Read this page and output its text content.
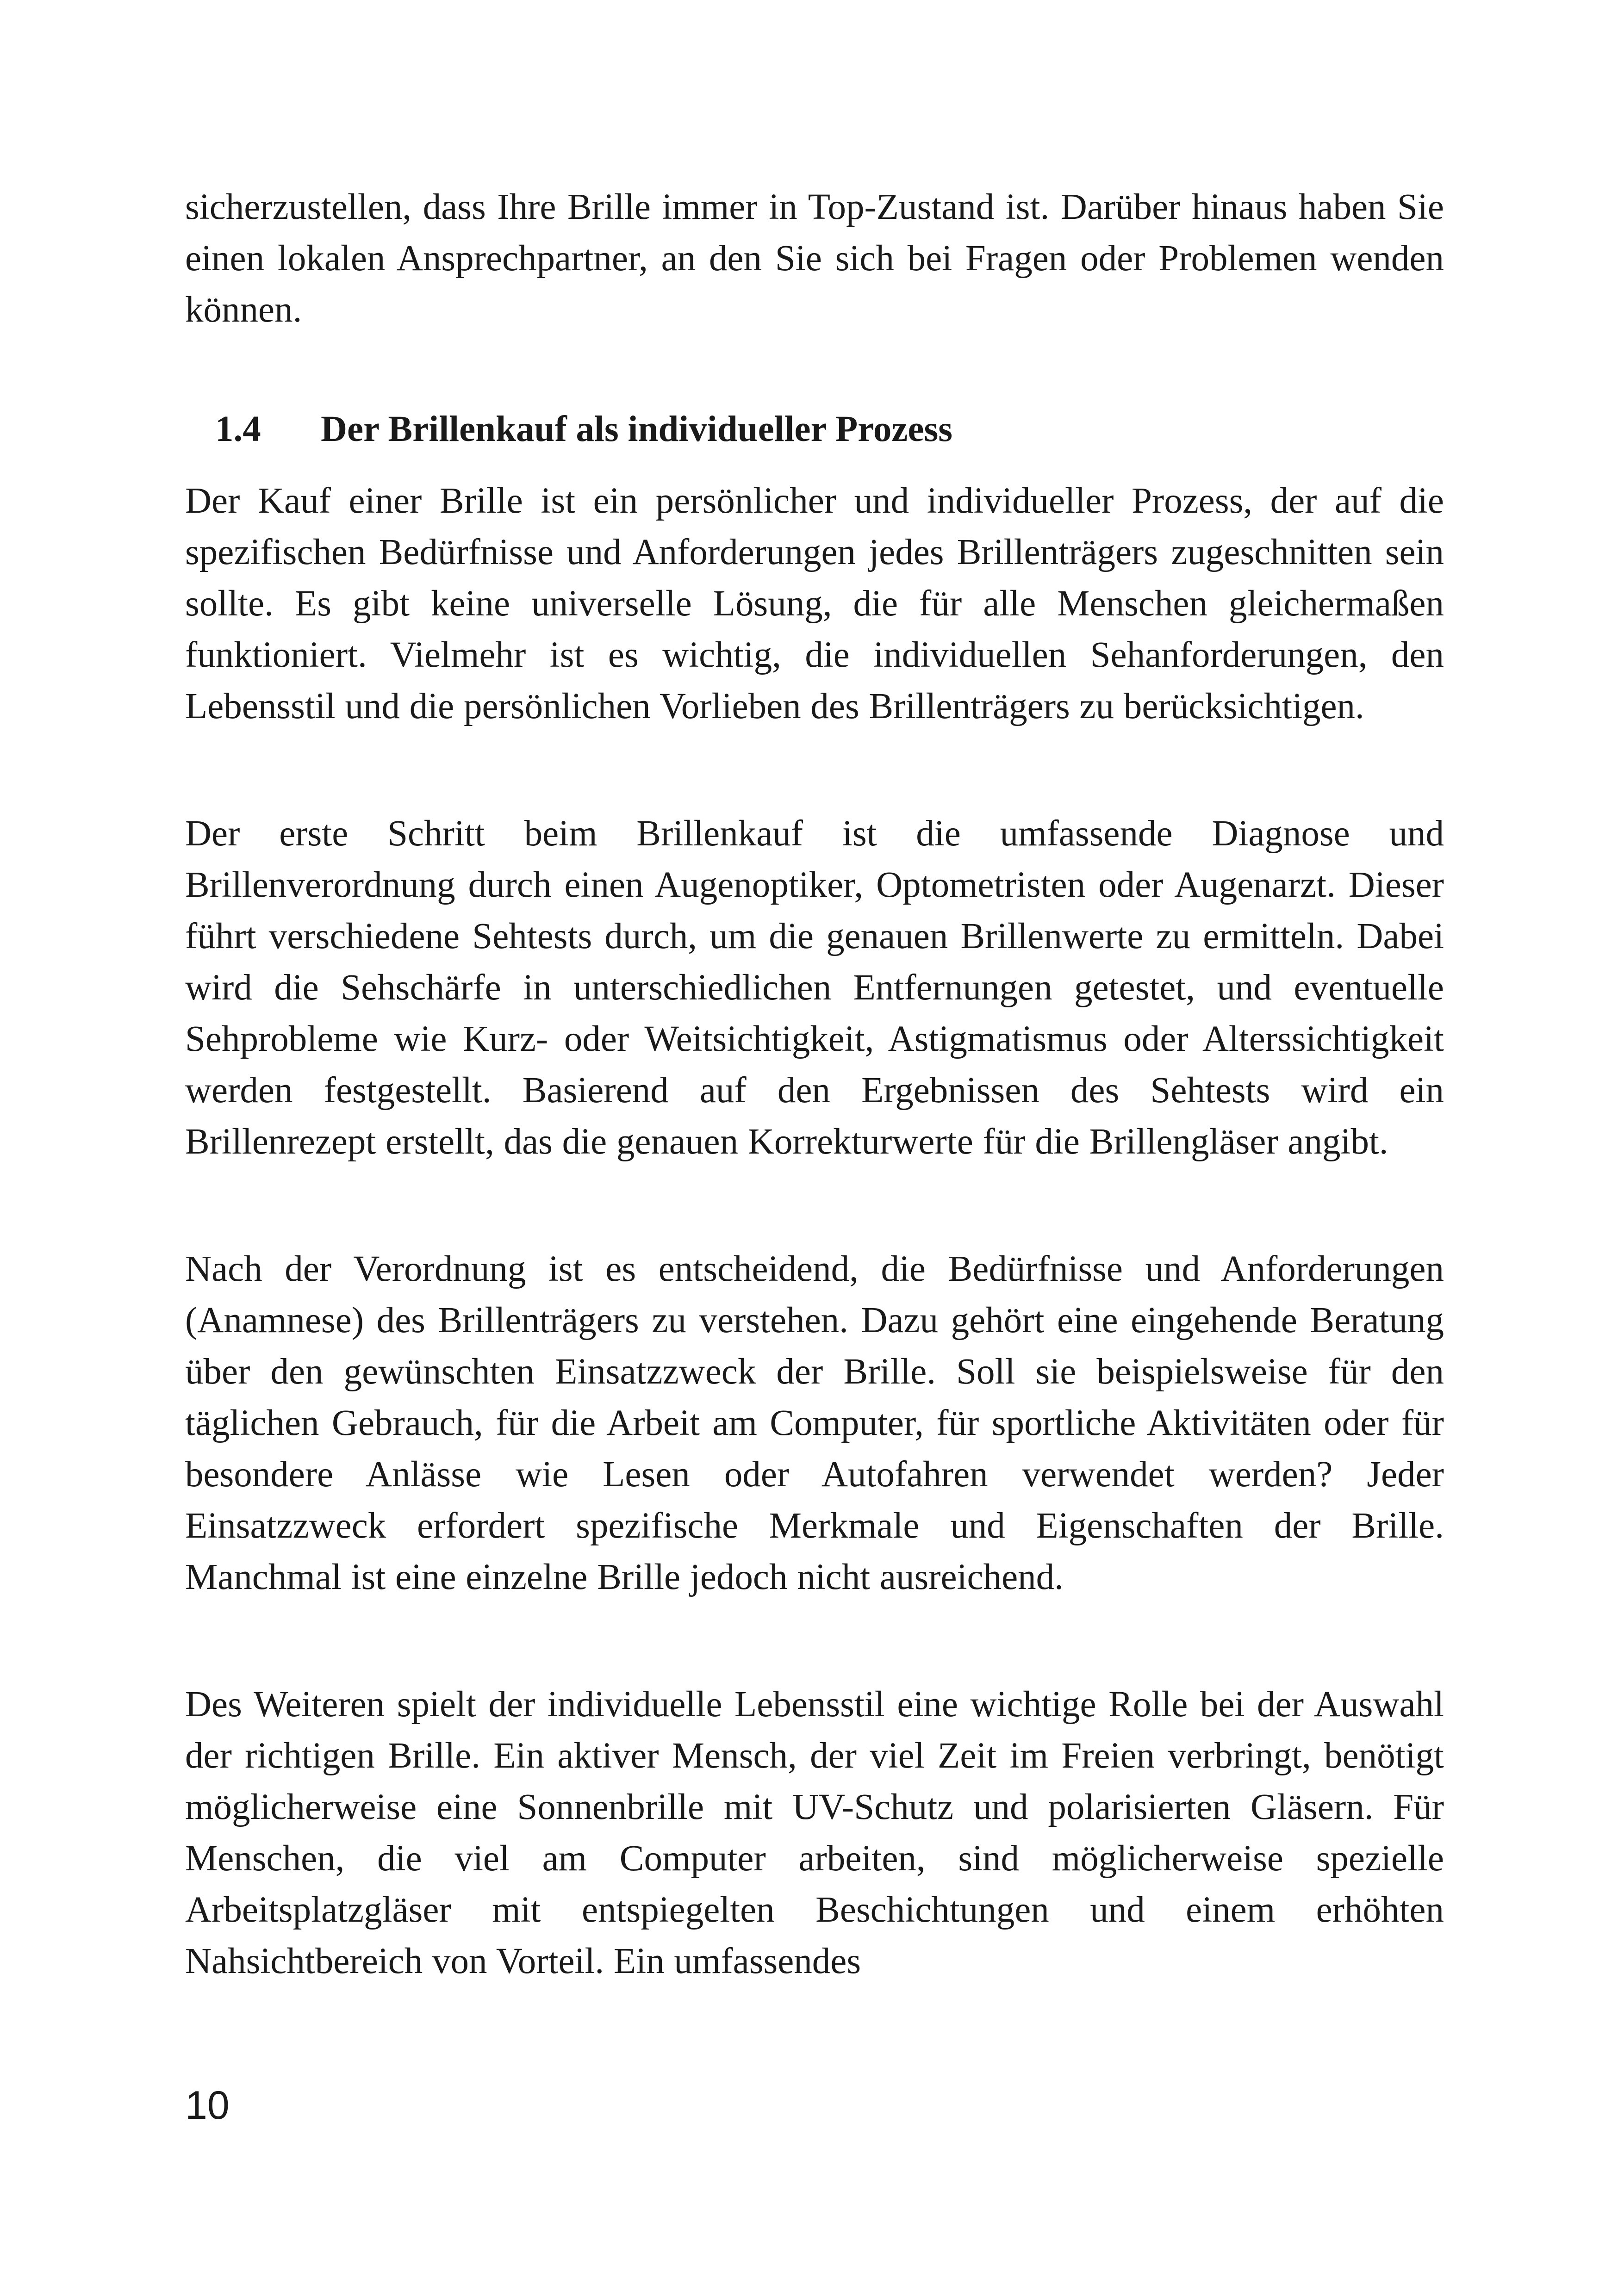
sicherzustellen, dass Ihre Brille immer in Top-Zustand ist. Darüber hinaus haben Sie einen lokalen Ansprechpartner, an den Sie sich bei Fragen oder Problemen wenden können.

1.4 Der Brillenkauf als individueller Prozess

Der Kauf einer Brille ist ein persönlicher und individueller Prozess, der auf die spezifischen Bedürfnisse und Anforderungen jedes Brillenträgers zugeschnitten sein sollte. Es gibt keine universelle Lösung, die für alle Menschen gleichermaßen funktioniert. Vielmehr ist es wichtig, die individuellen Sehanforderungen, den Lebensstil und die persönlichen Vorlieben des Brillenträgers zu berücksichtigen.

Der erste Schritt beim Brillenkauf ist die umfassende Diagnose und Brillenverordnung durch einen Augenoptiker, Optometristen oder Augenarzt. Dieser führt verschiedene Sehtests durch, um die genauen Brillenwerte zu ermitteln. Dabei wird die Sehschärfe in unterschiedlichen Entfernungen getestet, und eventuelle Sehprobleme wie Kurz- oder Weitsichtigkeit, Astigmatismus oder Alterssichtigkeit werden festgestellt. Basierend auf den Ergebnissen des Sehtests wird ein Brillenrezept erstellt, das die genauen Korrekturwerte für die Brillengläser angibt.

Nach der Verordnung ist es entscheidend, die Bedürfnisse und Anforderungen (Anamnese) des Brillenträgers zu verstehen. Dazu gehört eine eingehende Beratung über den gewünschten Einsatzzweck der Brille. Soll sie beispielsweise für den täglichen Gebrauch, für die Arbeit am Computer, für sportliche Aktivitäten oder für besondere Anlässe wie Lesen oder Autofahren verwendet werden? Jeder Einsatzzweck erfordert spezifische Merkmale und Eigenschaften der Brille. Manchmal ist eine einzelne Brille jedoch nicht ausreichend.

Des Weiteren spielt der individuelle Lebensstil eine wichtige Rolle bei der Auswahl der richtigen Brille. Ein aktiver Mensch, der viel Zeit im Freien verbringt, benötigt möglicherweise eine Sonnenbrille mit UV-Schutz und polarisierten Gläsern. Für Menschen, die viel am Computer arbeiten, sind möglicherweise spezielle Arbeitsplatzgläser mit entspiegelten Beschichtungen und einem erhöhten Nahsichtbereich von Vorteil. Ein umfassendes

10
